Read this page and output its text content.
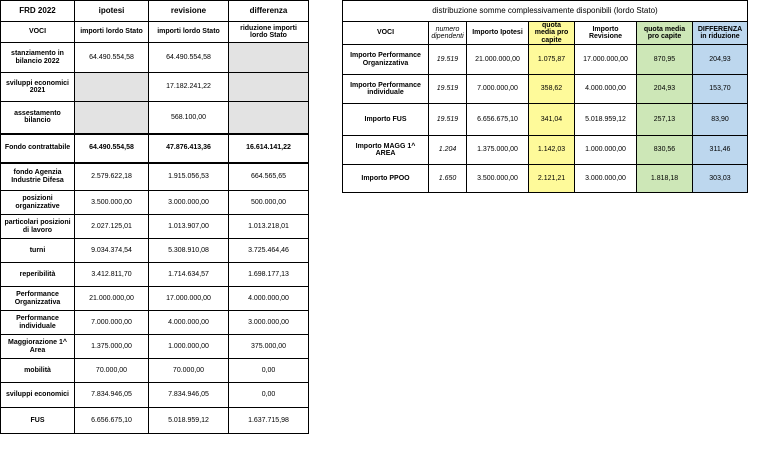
FRD 2022	ipotesi	revisione	differenza
VOCI	importi lordo Stato	importi lordo Stato	riduzione importi lordo Stato
stanziamento in bilancio 2022	64.490.554,58	64.490.554,58	
sviluppi economici 2021		17.182.241,22	
assestamento bilancio		568.100,00	
Fondo contrattabile	64.490.554,58	47.876.413,36	16.614.141,22
fondo Agenzia Industrie Difesa	2.579.622,18	1.915.056,53	664.565,65
posizioni organizzative	3.500.000,00	3.000.000,00	500.000,00
particolari posizioni di lavoro	2.027.125,01	1.013.907,00	1.013.218,01
turni	9.034.374,54	5.308.910,08	3.725.464,46
reperibilità	3.412.811,70	1.714.634,57	1.698.177,13
Performance Organizzativa	21.000.000,00	17.000.000,00	4.000.000,00
Performance individuale	7.000.000,00	4.000.000,00	3.000.000,00
Maggiorazione 1^ Area	1.375.000,00	1.000.000,00	375.000,00
mobilità	70.000,00	70.000,00	0,00
sviluppi economici	7.834.946,05	7.834.946,05	0,00
FUS	6.656.675,10	5.018.959,12	1.637.715,98
distribuzione somme complessivamente disponibili (lordo Stato)						
VOCI	numero dipendenti	Importo Ipotesi	quota media pro capite	Importo Revisione	quota media pro capite	DIFFERENZA in riduzione
Importo Performance Organizzativa	19.519	21.000.000,00	1.075,87	17.000.000,00	870,95	204,93
Importo Performance individuale	19.519	7.000.000,00	358,62	4.000.000,00	204,93	153,70
Importo FUS	19.519	6.656.675,10	341,04	5.018.959,12	257,13	83,90
Importo MAGG 1^ AREA	1.204	1.375.000,00	1.142,03	1.000.000,00	830,56	311,46
Importo PPOO	1.650	3.500.000,00	2.121,21	3.000.000,00	1.818,18	303,03
